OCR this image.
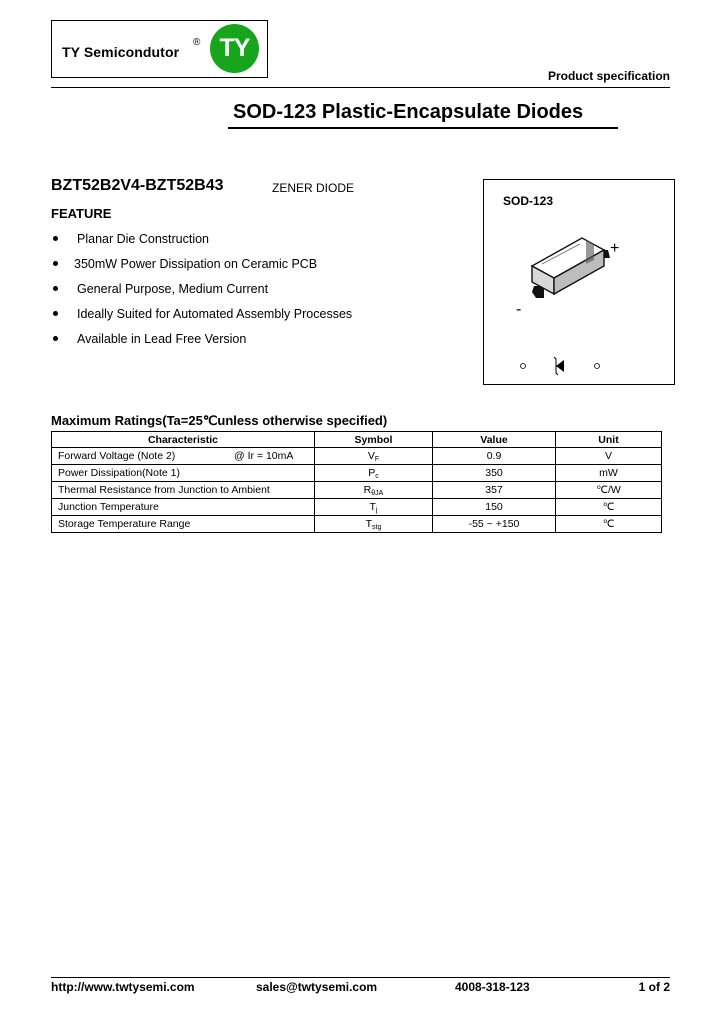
TY Semicondutor
® TY
Product specification
SOD-123 Plastic-Encapsulate Diodes
BZT52B2V4-BZT52B43	ZENER DIODE
FEATURE
Planar Die Construction
350mW Power Dissipation on Ceramic PCB
General Purpose, Medium Current
Ideally Suited for Automated Assembly Processes
Available in Lead Free Version
SOD-123
+
-
Maximum Ratings(Ta=25℃unless otherwise specified)
Characteristic	Symbol	Value	Unit

Forward Voltage (Note 2) @ Ir = 10mA	$V_F$	0.9	V
Power Dissipation(Note 1)	$P_c$	350	mW
Thermal Resistance from Junction to Ambient	$R_{\theta JA}$	357	℃/W
Junction Temperature	$T_j$	150	℃
Storage Temperature Range	$T_{stg}$	-55 ~ +150	℃
http://www.twtysemi.com	sales@twtysemi.com	4008-318-123	1 of 2
